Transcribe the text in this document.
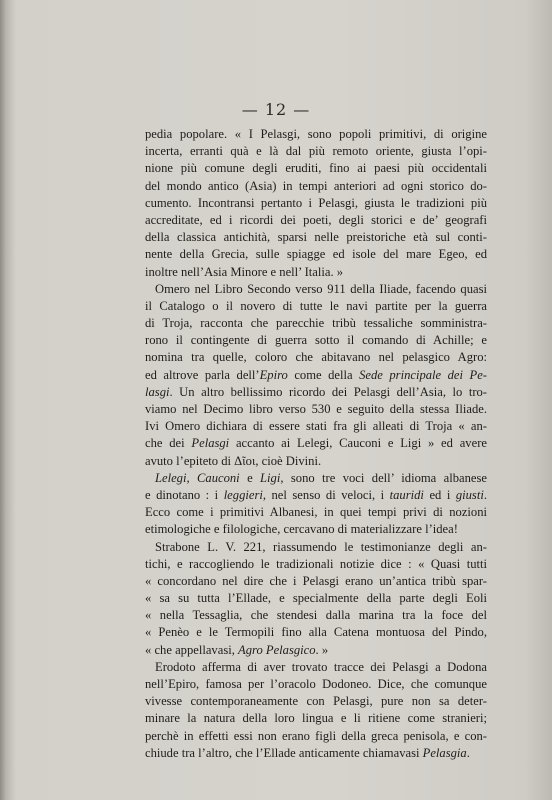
— 12 —
pedia popolare. « I Pelasgi, sono popoli primitivi, di origine
incerta, erranti quà e là dal più remoto oriente, giusta l’opi-
nione più comune degli eruditi, fino ai paesi più occidentali
del mondo antico (Asia) in tempi anteriori ad ogni storico do-
cumento. Incontransi pertanto i Pelasgi, giusta le tradizioni più
accreditate, ed i ricordi dei poeti, degli storici e de’ geografi
della classica antichità, sparsi nelle preistoriche età sul conti-
nente della Grecia, sulle spiagge ed isole del mare Egeo, ed
inoltre nell’Asia Minore e nell’ Italia. »
Omero nel Libro Secondo verso 911 della Iliade, facendo quasi
il Catalogo o il novero di tutte le navi partite per la guerra
di Troja, racconta che parecchie tribù tessaliche somministra-
rono il contingente di guerra sotto il comando di Achille; e
nomina tra quelle, coloro che abitavano nel pelasgico Agro:
ed altrove parla dell’Epiro come della Sede principale dei Pe-
lasgi. Un altro bellissimo ricordo dei Pelasgi dell’Asia, lo tro-
viamo nel Decimo libro verso 530 e seguito della stessa Iliade.
Ivi Omero dichiara di essere stati fra gli alleati di Troja « an-
che dei Pelasgi accanto ai Lelegi, Cauconi e Ligi » ed avere
avuto l’epiteto di Δῖοι, cioè Divini.
Lelegi, Cauconi e Ligi, sono tre voci dell’ idioma albanese
e dinotano : i leggieri, nel senso di veloci, i tauridi ed i giusti.
Ecco come i primitivi Albanesi, in quei tempi privi di nozioni
etimologiche e filologiche, cercavano di materializzare l’idea!
Strabone L. V. 221, riassumendo le testimonianze degli an-
tichi, e raccogliendo le tradizionali notizie dice : « Quasi tutti
« concordano nel dire che i Pelasgi erano un’antica tribù spar-
« sa su tutta l’Ellade, e specialmente della parte degli Eoli
« nella Tessaglia, che stendesi dalla marina tra la foce del
« Penèo e le Termopili fino alla Catena montuosa del Pindo,
« che appellavasi, Agro Pelasgico. »
Erodoto afferma di aver trovato tracce dei Pelasgi a Dodona
nell’Epiro, famosa per l’oracolo Dodoneo. Dice, che comunque
vivesse contemporaneamente con Pelasgi, pure non sa deter-
minare la natura della loro lingua e li ritiene come stranieri;
perchè in effetti essi non erano figli della greca penisola, e con-
chiude tra l’altro, che l’Ellade anticamente chiamavasi Pelasgia.
